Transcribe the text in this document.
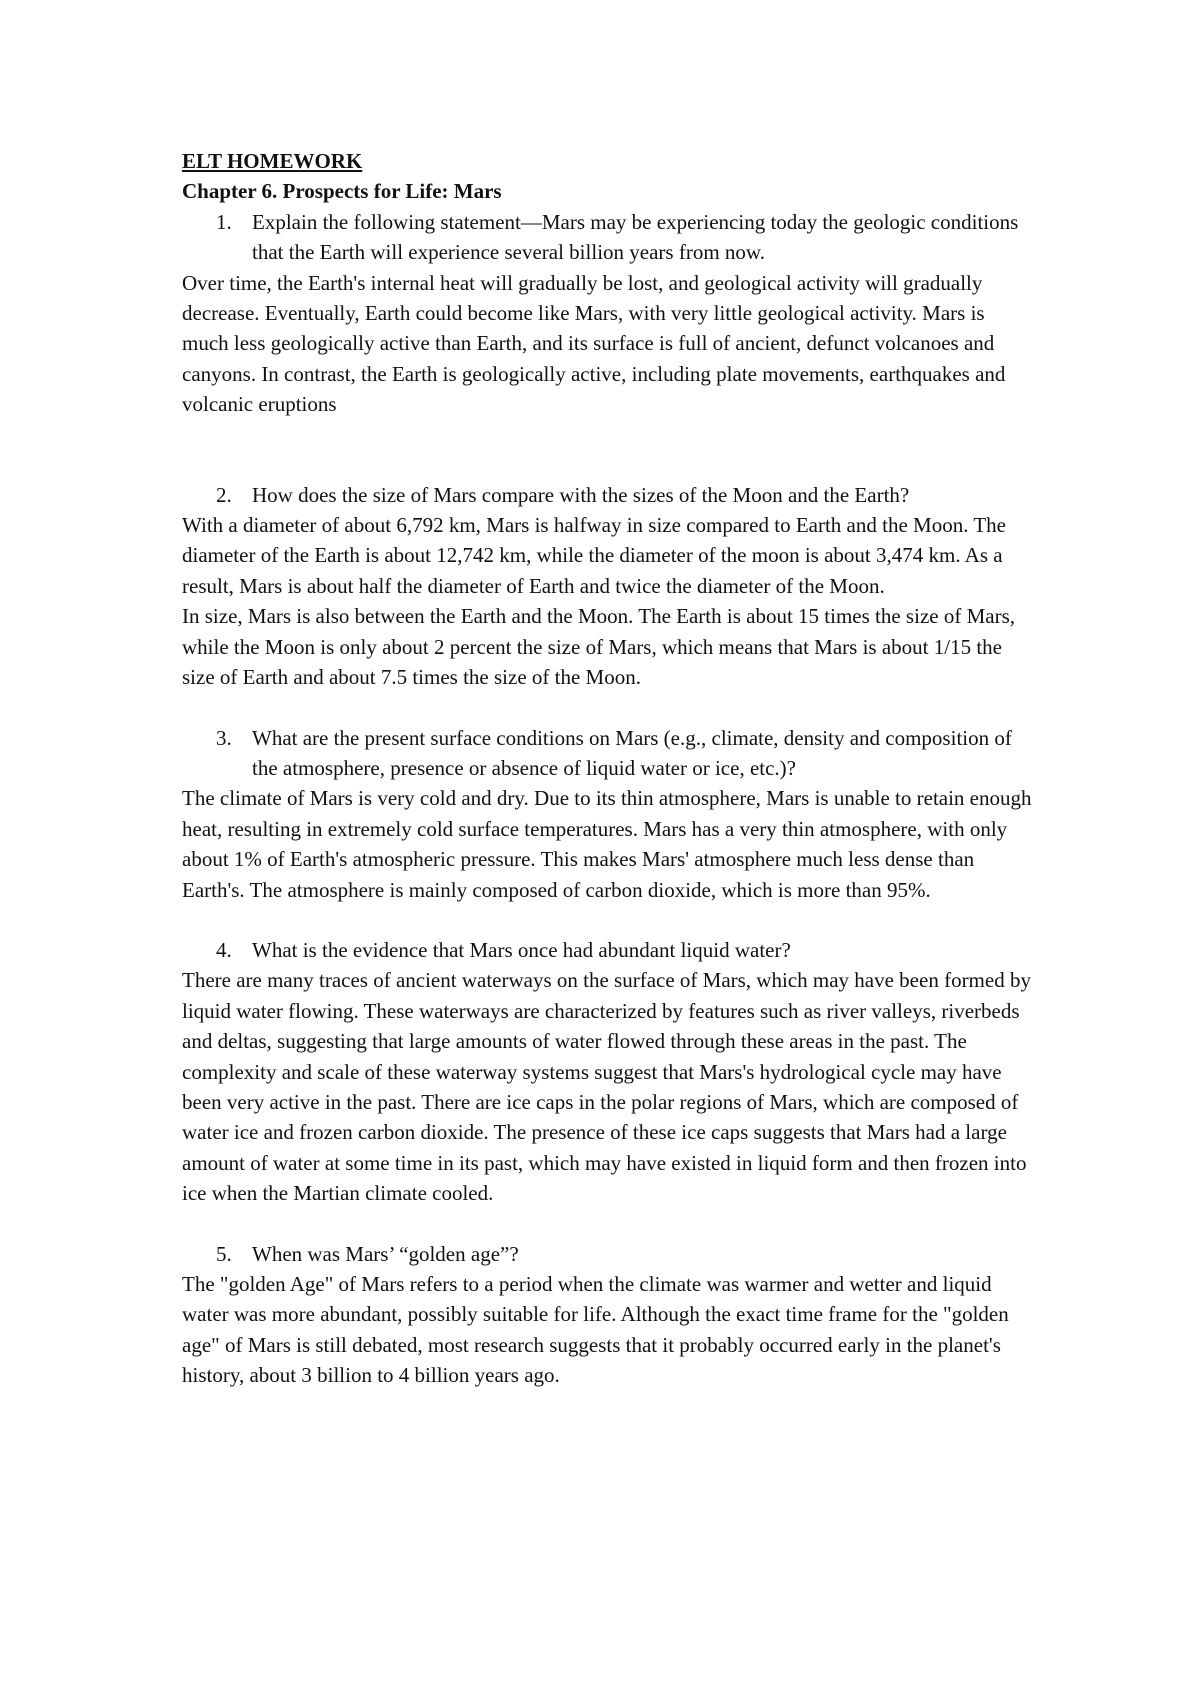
ELT HOMEWORK

Chapter 6. Prospects for Life: Mars

1. Explain the following statement—Mars may be experiencing today the geologic conditions that the Earth will experience several billion years from now.

Over time, the Earth's internal heat will gradually be lost, and geological activity will gradually decrease. Eventually, Earth could become like Mars, with very little geological activity. Mars is much less geologically active than Earth, and its surface is full of ancient, defunct volcanoes and canyons. In contrast, the Earth is geologically active, including plate movements, earthquakes and volcanic eruptions

2. How does the size of Mars compare with the sizes of the Moon and the Earth?

With a diameter of about 6,792 km, Mars is halfway in size compared to Earth and the Moon. The diameter of the Earth is about 12,742 km, while the diameter of the moon is about 3,474 km. As a result, Mars is about half the diameter of Earth and twice the diameter of the Moon.

In size, Mars is also between the Earth and the Moon. The Earth is about 15 times the size of Mars, while the Moon is only about 2 percent the size of Mars, which means that Mars is about 1/15 the size of Earth and about 7.5 times the size of the Moon.

3. What are the present surface conditions on Mars (e.g., climate, density and composition of the atmosphere, presence or absence of liquid water or ice, etc.)?

The climate of Mars is very cold and dry. Due to its thin atmosphere, Mars is unable to retain enough heat, resulting in extremely cold surface temperatures. Mars has a very thin atmosphere, with only about 1% of Earth's atmospheric pressure. This makes Mars' atmosphere much less dense than Earth's. The atmosphere is mainly composed of carbon dioxide, which is more than 95%.

4. What is the evidence that Mars once had abundant liquid water?

There are many traces of ancient waterways on the surface of Mars, which may have been formed by liquid water flowing. These waterways are characterized by features such as river valleys, riverbeds and deltas, suggesting that large amounts of water flowed through these areas in the past. The complexity and scale of these waterway systems suggest that Mars's hydrological cycle may have been very active in the past. There are ice caps in the polar regions of Mars, which are composed of water ice and frozen carbon dioxide. The presence of these ice caps suggests that Mars had a large amount of water at some time in its past, which may have existed in liquid form and then frozen into ice when the Martian climate cooled.

5. When was Mars’ “golden age”?

The "golden Age" of Mars refers to a period when the climate was warmer and wetter and liquid water was more abundant, possibly suitable for life. Although the exact time frame for the "golden age" of Mars is still debated, most research suggests that it probably occurred early in the planet's history, about 3 billion to 4 billion years ago.
